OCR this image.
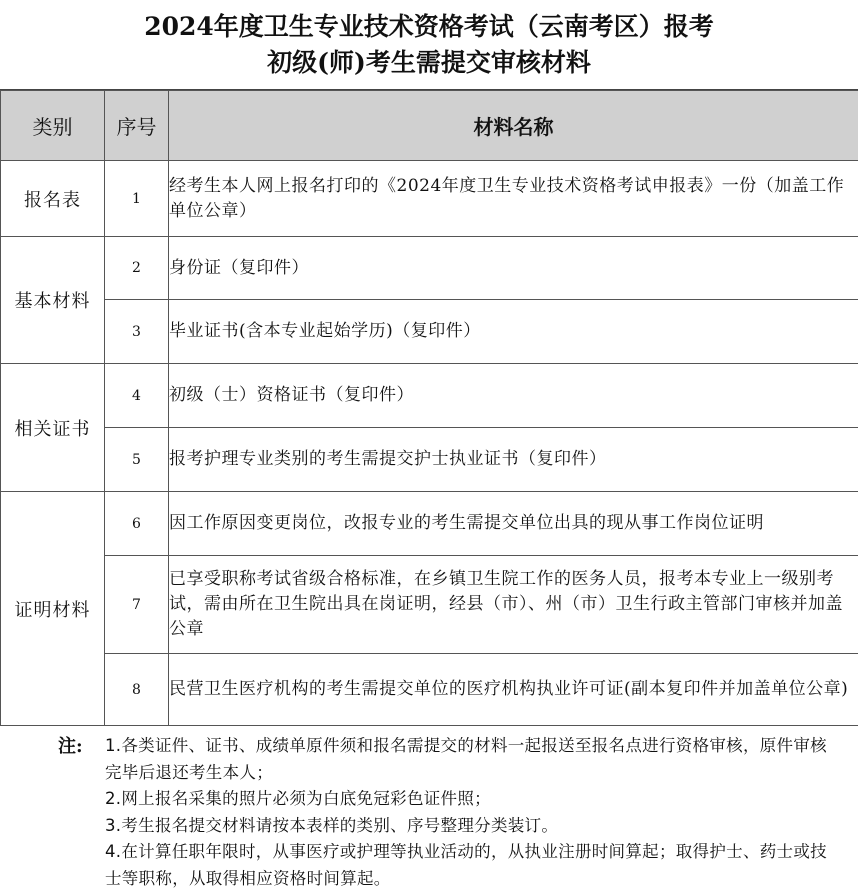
2024年度卫生专业技术资格考试（云南考区）报考
初级(师)考生需提交审核材料
类别	序号	材料名称
报名表	1	经考生本人网上报名打印的《2024年度卫生专业技术资格考试申报表》一份（加盖工作单位公章）
基本材料	2	身份证（复印件）
	3	毕业证书(含本专业起始学历)（复印件）
相关证书	4	初级（士）资格证书（复印件）
	5	报考护理专业类别的考生需提交护士执业证书（复印件）
证明材料	6	因工作原因变更岗位，改报专业的考生需提交单位出具的现从事工作岗位证明
	7	已享受职称考试省级合格标准，在乡镇卫生院工作的医务人员，报考本专业上一级别考试，需由所在卫生院出具在岗证明，经县（市）、州（市）卫生行政主管部门审核并加盖公章
	8	民营卫生医疗机构的考生需提交单位的医疗机构执业许可证(副本复印件并加盖单位公章)
注: 1.各类证件、证书、成绩单原件须和报名需提交的材料一起报送至报名点进行资格审核，原件审核完毕后退还考生本人；
2.网上报名采集的照片必须为白底免冠彩色证件照；
3.考生报名提交材料请按本表样的类别、序号整理分类装订。
4.在计算任职年限时，从事医疗或护理等执业活动的，从执业注册时间算起；取得护士、药士或技士等职称，从取得相应资格时间算起。
